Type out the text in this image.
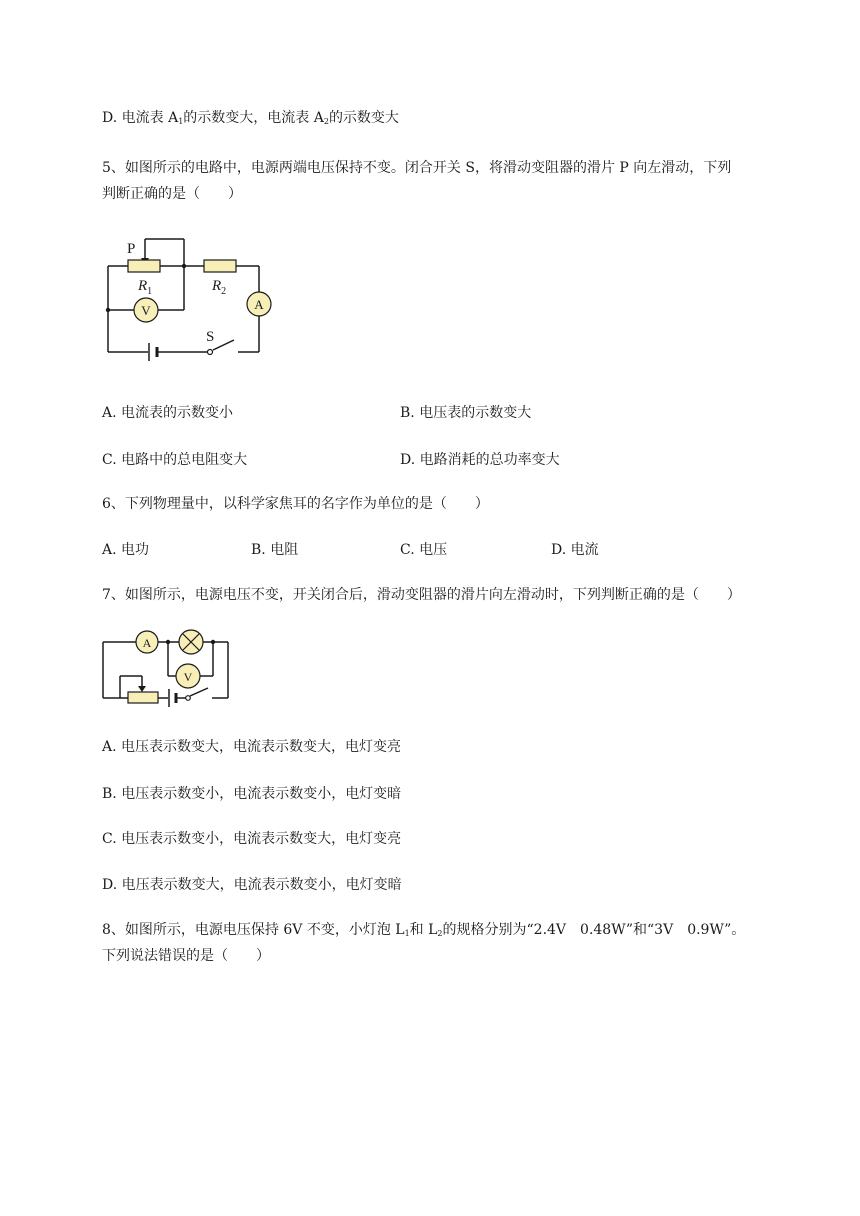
D. 电流表 $A_1$的示数变大，电流表 $A_2$的示数变大
5、如图所示的电路中，电源两端电压保持不变。闭合开关 S，将滑动变阻器的滑片 P 向左滑动，下列
判断正确的是（　　）
P
$R_1$	$R_2$
V	A
S
A. 电流表的示数变小	B. 电压表的示数变大
C. 电路中的总电阻变大	D. 电路消耗的总功率变大
6、下列物理量中，以科学家焦耳的名字作为单位的是（　　）
A. 电功	B. 电阻	C. 电压	D. 电流
7、如图所示，电源电压不变，开关闭合后，滑动变阻器的滑片向左滑动时，下列判断正确的是（　　）
A
V
A. 电压表示数变大，电流表示数变大，电灯变亮
B. 电压表示数变小，电流表示数变小，电灯变暗
C. 电压表示数变小，电流表示数变大，电灯变亮
D. 电压表示数变大，电流表示数变小，电灯变暗
8、如图所示，电源电压保持 6V 不变，小灯泡 $L_1$和 $L_2$的规格分别为“2.4V　0.48W”和“3V　0.9W”。
下列说法错误的是（　　）
